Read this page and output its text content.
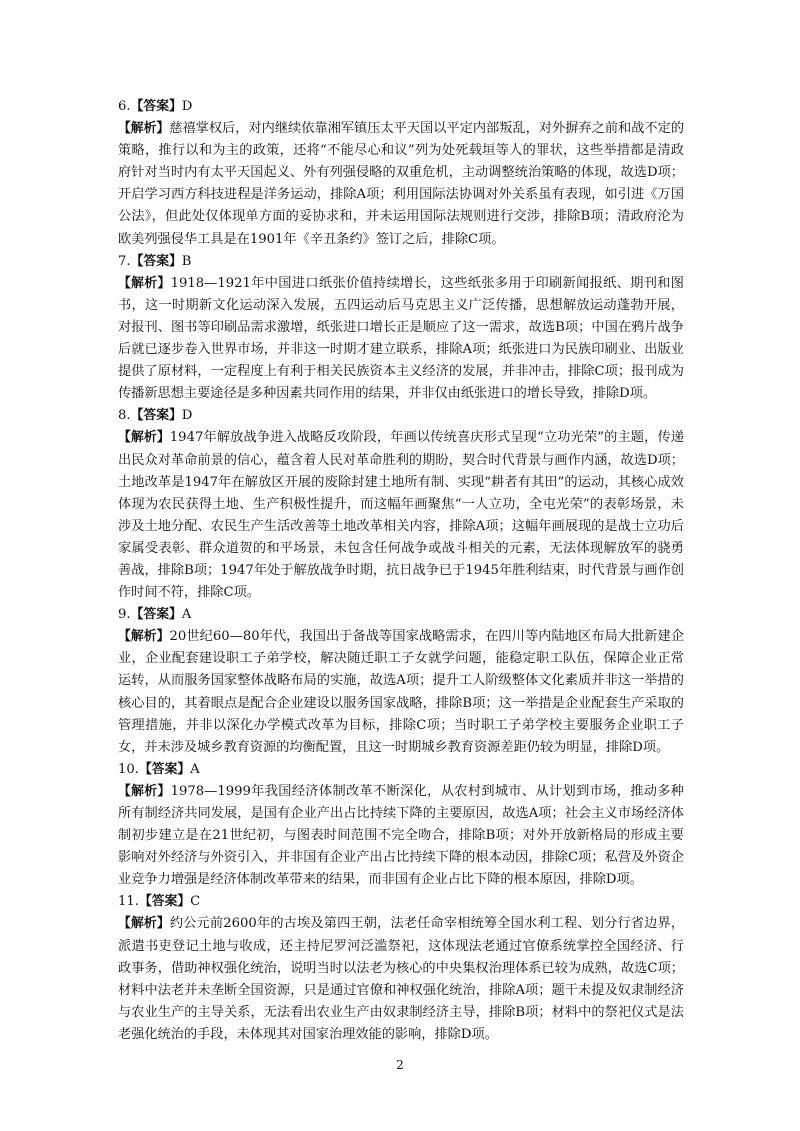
6.【答案】D

【解析】慈禧掌权后，对内继续依靠湘军镇压太平天国以平定内部叛乱，对外摒弃之前和战不定的策略，推行以和为主的政策，还将“不能尽心和议”列为处死载垣等人的罪状，这些举措都是清政府针对当时内有太平天国起义、外有列强侵略的双重危机，主动调整统治策略的体现，故选D项；开启学习西方科技进程是洋务运动，排除A项；利用国际法协调对外关系虽有表现，如引进《万国公法》，但此处仅体现单方面的妥协求和，并未运用国际法规则进行交涉，排除B项；清政府沦为欧美列强侵华工具是在1901年《辛丑条约》签订之后，排除C项。

7.【答案】B

【解析】1918—1921年中国进口纸张价值持续增长，这些纸张多用于印刷新闻报纸、期刊和图书，这一时期新文化运动深入发展，五四运动后马克思主义广泛传播，思想解放运动蓬勃开展，对报刊、图书等印刷品需求激增，纸张进口增长正是顺应了这一需求，故选B项；中国在鸦片战争后就已逐步卷入世界市场，并非这一时期才建立联系，排除A项；纸张进口为民族印刷业、出版业提供了原材料，一定程度上有利于相关民族资本主义经济的发展，并非冲击，排除C项；报刊成为传播新思想主要途径是多种因素共同作用的结果，并非仅由纸张进口的增长导致，排除D项。

8.【答案】D

【解析】1947年解放战争进入战略反攻阶段，年画以传统喜庆形式呈现“立功光荣”的主题，传递出民众对革命前景的信心，蕴含着人民对革命胜利的期盼，契合时代背景与画作内涵，故选D项；土地改革是1947年在解放区开展的废除封建土地所有制、实现“耕者有其田”的运动，其核心成效体现为农民获得土地、生产积极性提升，而这幅年画聚焦“一人立功，全屯光荣”的表彰场景，未涉及土地分配、农民生产生活改善等土地改革相关内容，排除A项；这幅年画展现的是战士立功后家属受表彰、群众道贺的和平场景，未包含任何战争或战斗相关的元素，无法体现解放军的骁勇善战，排除B项；1947年处于解放战争时期，抗日战争已于1945年胜利结束，时代背景与画作创作时间不符，排除C项。

9.【答案】A

【解析】20世纪60—80年代，我国出于备战等国家战略需求，在四川等内陆地区布局大批新建企业，企业配套建设职工子弟学校，解决随迁职工子女就学问题，能稳定职工队伍，保障企业正常运转，从而服务国家整体战略布局的实施，故选A项；提升工人阶级整体文化素质并非这一举措的核心目的，其着眼点是配合企业建设以服务国家战略，排除B项；这一举措是企业配套生产采取的管理措施，并非以深化办学模式改革为目标，排除C项；当时职工子弟学校主要服务企业职工子女，并未涉及城乡教育资源的均衡配置，且这一时期城乡教育资源差距仍较为明显，排除D项。

10.【答案】A

【解析】1978—1999年我国经济体制改革不断深化，从农村到城市、从计划到市场，推动多种所有制经济共同发展，是国有企业产出占比持续下降的主要原因，故选A项；社会主义市场经济体制初步建立是在21世纪初，与图表时间范围不完全吻合，排除B项；对外开放新格局的形成主要影响对外经济与外资引入，并非国有企业产出占比持续下降的根本动因，排除C项；私营及外资企业竞争力增强是经济体制改革带来的结果，而非国有企业占比下降的根本原因，排除D项。

11.【答案】C

【解析】约公元前2600年的古埃及第四王朝，法老任命宰相统筹全国水利工程、划分行省边界，派遣书吏登记土地与收成，还主持尼罗河泛滥祭祀，这体现法老通过官僚系统掌控全国经济、行政事务，借助神权强化统治，说明当时以法老为核心的中央集权治理体系已较为成熟，故选C项；材料中法老并未垄断全国资源，只是通过官僚和神权强化统治，排除A项；题干未提及奴隶制经济与农业生产的主导关系，无法看出农业生产由奴隶制经济主导，排除B项；材料中的祭祀仪式是法老强化统治的手段，未体现其对国家治理效能的影响，排除D项。

2
